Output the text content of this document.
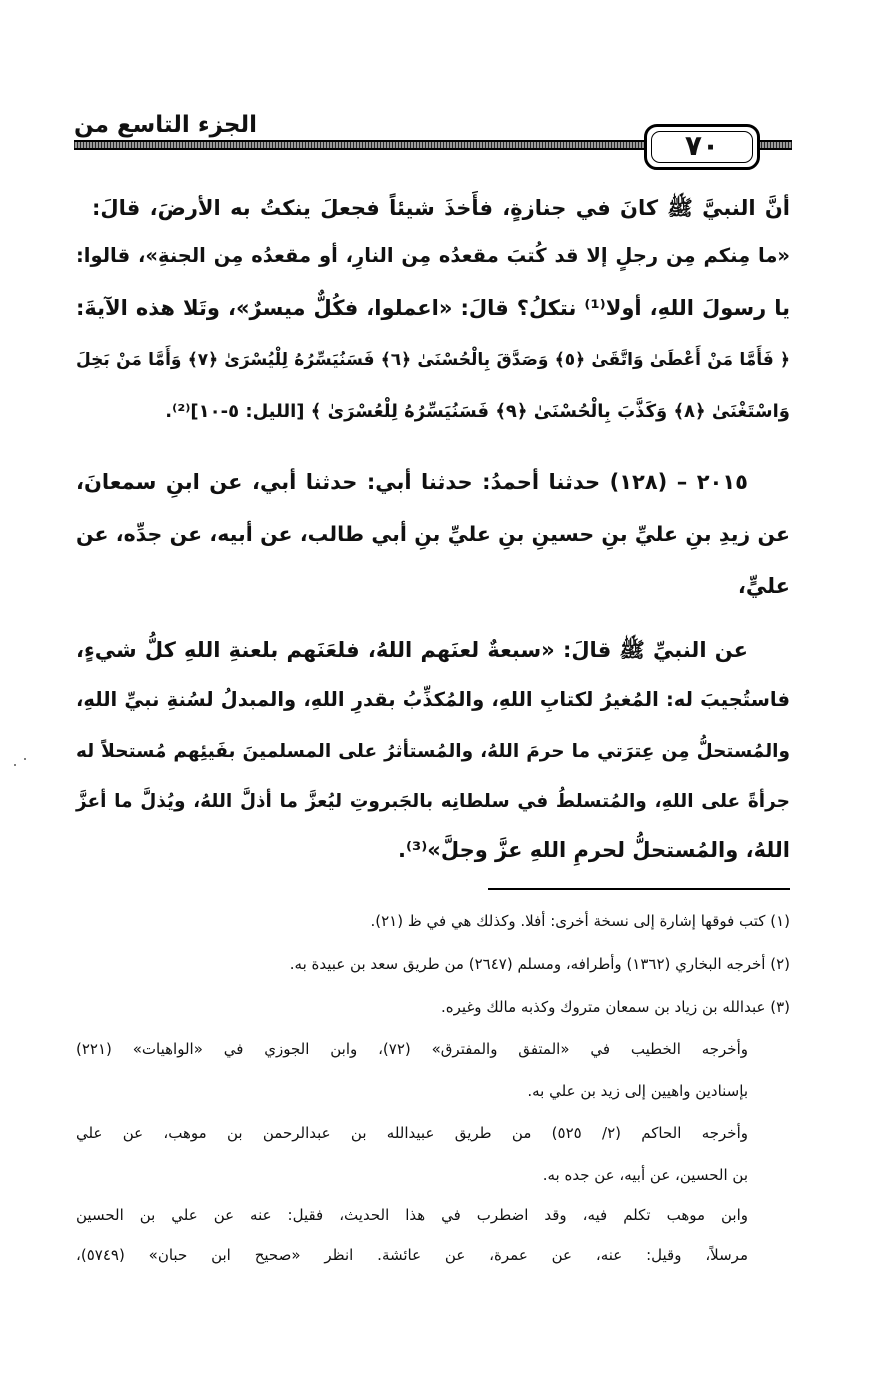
الجزء التاسع من
٧٠
أنَّ النبيَّ ﷺ كانَ في جنازةٍ، فأَخذَ شيئاً فجعلَ ينكتُ به الأرضَ، قالَ:
«ما مِنكم مِن رجلٍ إلا قد كُتبَ مقعدُه مِن النارِ، أو مقعدُه مِن الجنةِ»، قالوا:
يا رسولَ اللهِ، أولا⁽¹⁾ نتكلُ؟ قالَ: «اعملوا، فكُلٌّ ميسرٌ»، وتَلا هذه الآيةَ:
﴿ فَأَمَّا مَنْ أَعْطَىٰ وَاتَّقَىٰ ﴿٥﴾ وَصَدَّقَ بِالْحُسْنَىٰ ﴿٦﴾ فَسَنُيَسِّرُهُ لِلْيُسْرَىٰ ﴿٧﴾ وَأَمَّا مَنْ بَخِلَ
وَاسْتَغْنَىٰ ﴿٨﴾ وَكَذَّبَ بِالْحُسْنَىٰ ﴿٩﴾ فَسَنُيَسِّرُهُ لِلْعُسْرَىٰ ﴾ [الليل: ٥-١٠]⁽²⁾.
٢٠١٥ – (١٢٨) حدثنا أحمدُ: حدثنا أبي: حدثنا أبي، عن ابنِ سمعانَ،
عن زيدِ بنِ عليِّ بنِ حسينِ بنِ عليِّ بنِ أبي طالب، عن أبيه، عن جدِّه، عن
عليٍّ،
عن النبيِّ ﷺ قالَ: «سبعةٌ لعنَهم اللهُ، فلعَنَهم بلعنةِ اللهِ كلُّ شيءٍ،
فاستُجيبَ له: المُغيرُ لكتابِ اللهِ، والمُكذِّبُ بقدرِ اللهِ، والمبدلُ لسُنةِ نبيِّ اللهِ،
والمُستحلُّ مِن عِترَتي ما حرمَ اللهُ، والمُستأثرُ على المسلمينَ بفَيئِهم مُستحلاً له
جرأةً على اللهِ، والمُتسلطُ في سلطانِه بالجَبروتِ ليُعزَّ ما أذلَّ اللهُ، ويُذلَّ ما أعزَّ
اللهُ، والمُستحلُّ لحرمِ اللهِ عزَّ وجلَّ»⁽³⁾.
(١) كتب فوقها إشارة إلى نسخة أخرى: أفلا. وكذلك هي في ظ (٢١).
(٢) أخرجه البخاري (١٣٦٢) وأطرافه، ومسلم (٢٦٤٧) من طريق سعد بن عبيدة به.
(٣) عبدالله بن زياد بن سمعان متروك وكذبه مالك وغيره.
وأخرجه الخطيب في «المتفق والمفترق» (٧٢)، وابن الجوزي في «الواهيات» (٢٢١)
بإسنادين واهيين إلى زيد بن علي به.
وأخرجه الحاكم (٢/ ٥٢٥) من طريق عبيدالله بن عبدالرحمن بن موهب، عن علي
بن الحسين، عن أبيه، عن جده به.
وابن موهب تكلم فيه، وقد اضطرب في هذا الحديث، فقيل: عنه عن علي بن الحسين
مرسلاً، وقيل: عنه، عن عمرة، عن عائشة. انظر «صحيح ابن حبان» (٥٧٤٩)،
